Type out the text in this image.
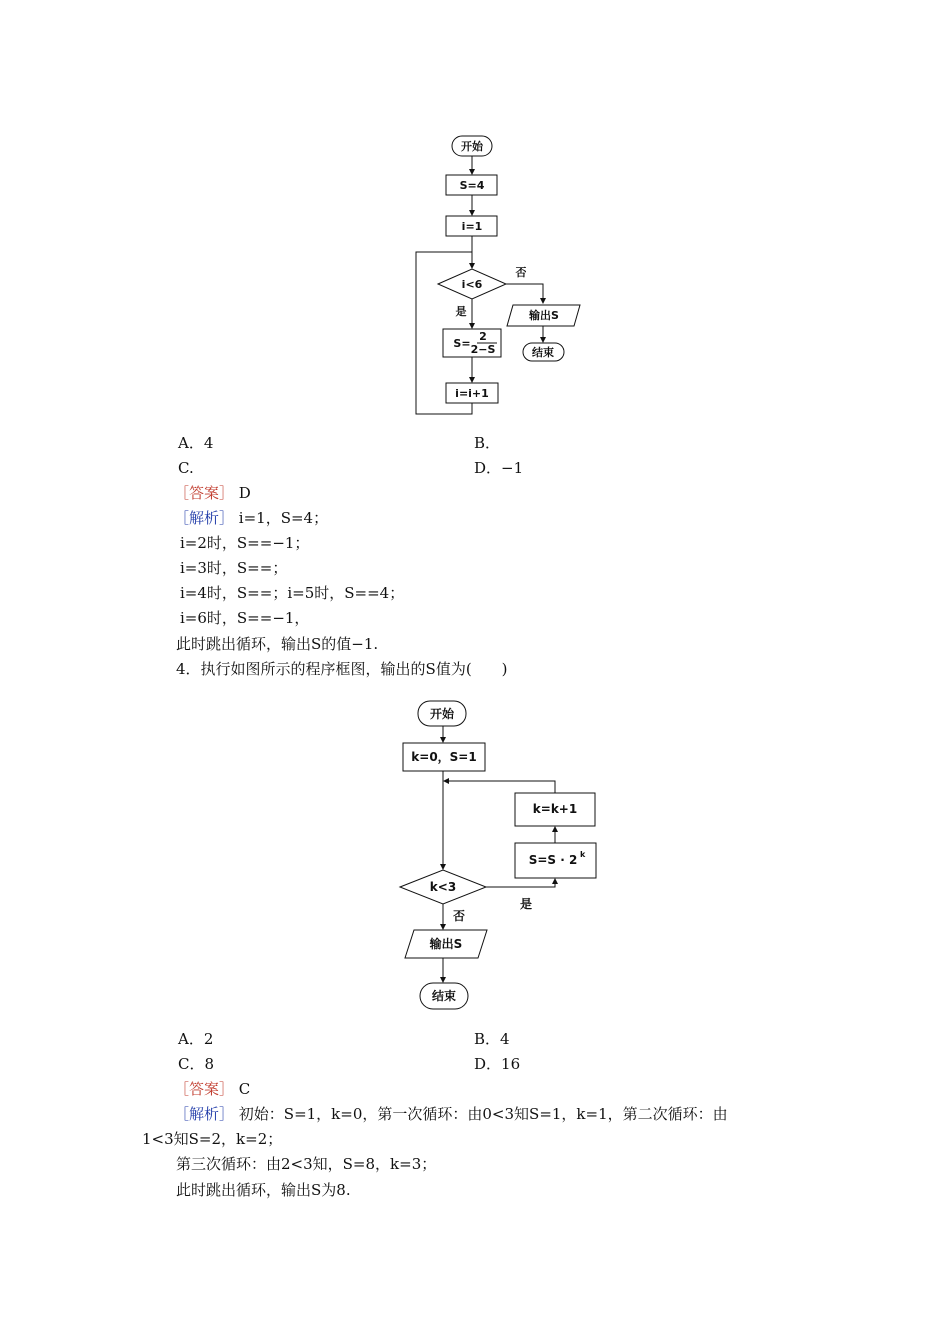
开始
S=4
i=1
i<6
否
是
S=
2
2−S
i=i+1
输出S
结束
A．4	B．
C.	D．−1
［答案］ D
［解析］ i=1，S=4；
i=2时，S==−1；
i=3时，S==；
i=4时，S==；i=5时，S==4；
i=6时，S==−1，
此时跳出循环，输出S的值−1.
4．执行如图所示的程序框图，输出的S值为(　　)
开始
k=0，S=1
k=k+1
S=S · 2 k
k<3
是
否
输出S
结束
A．2	B．4
C．8	D．16
［答案］ C
［解析］ 初始：S=1，k=0，第一次循环：由0<3知S=1，k=1，第二次循环：由
1<3知S=2，k=2；
第三次循环：由2<3知，S=8，k=3；
此时跳出循环，输出S为8.
